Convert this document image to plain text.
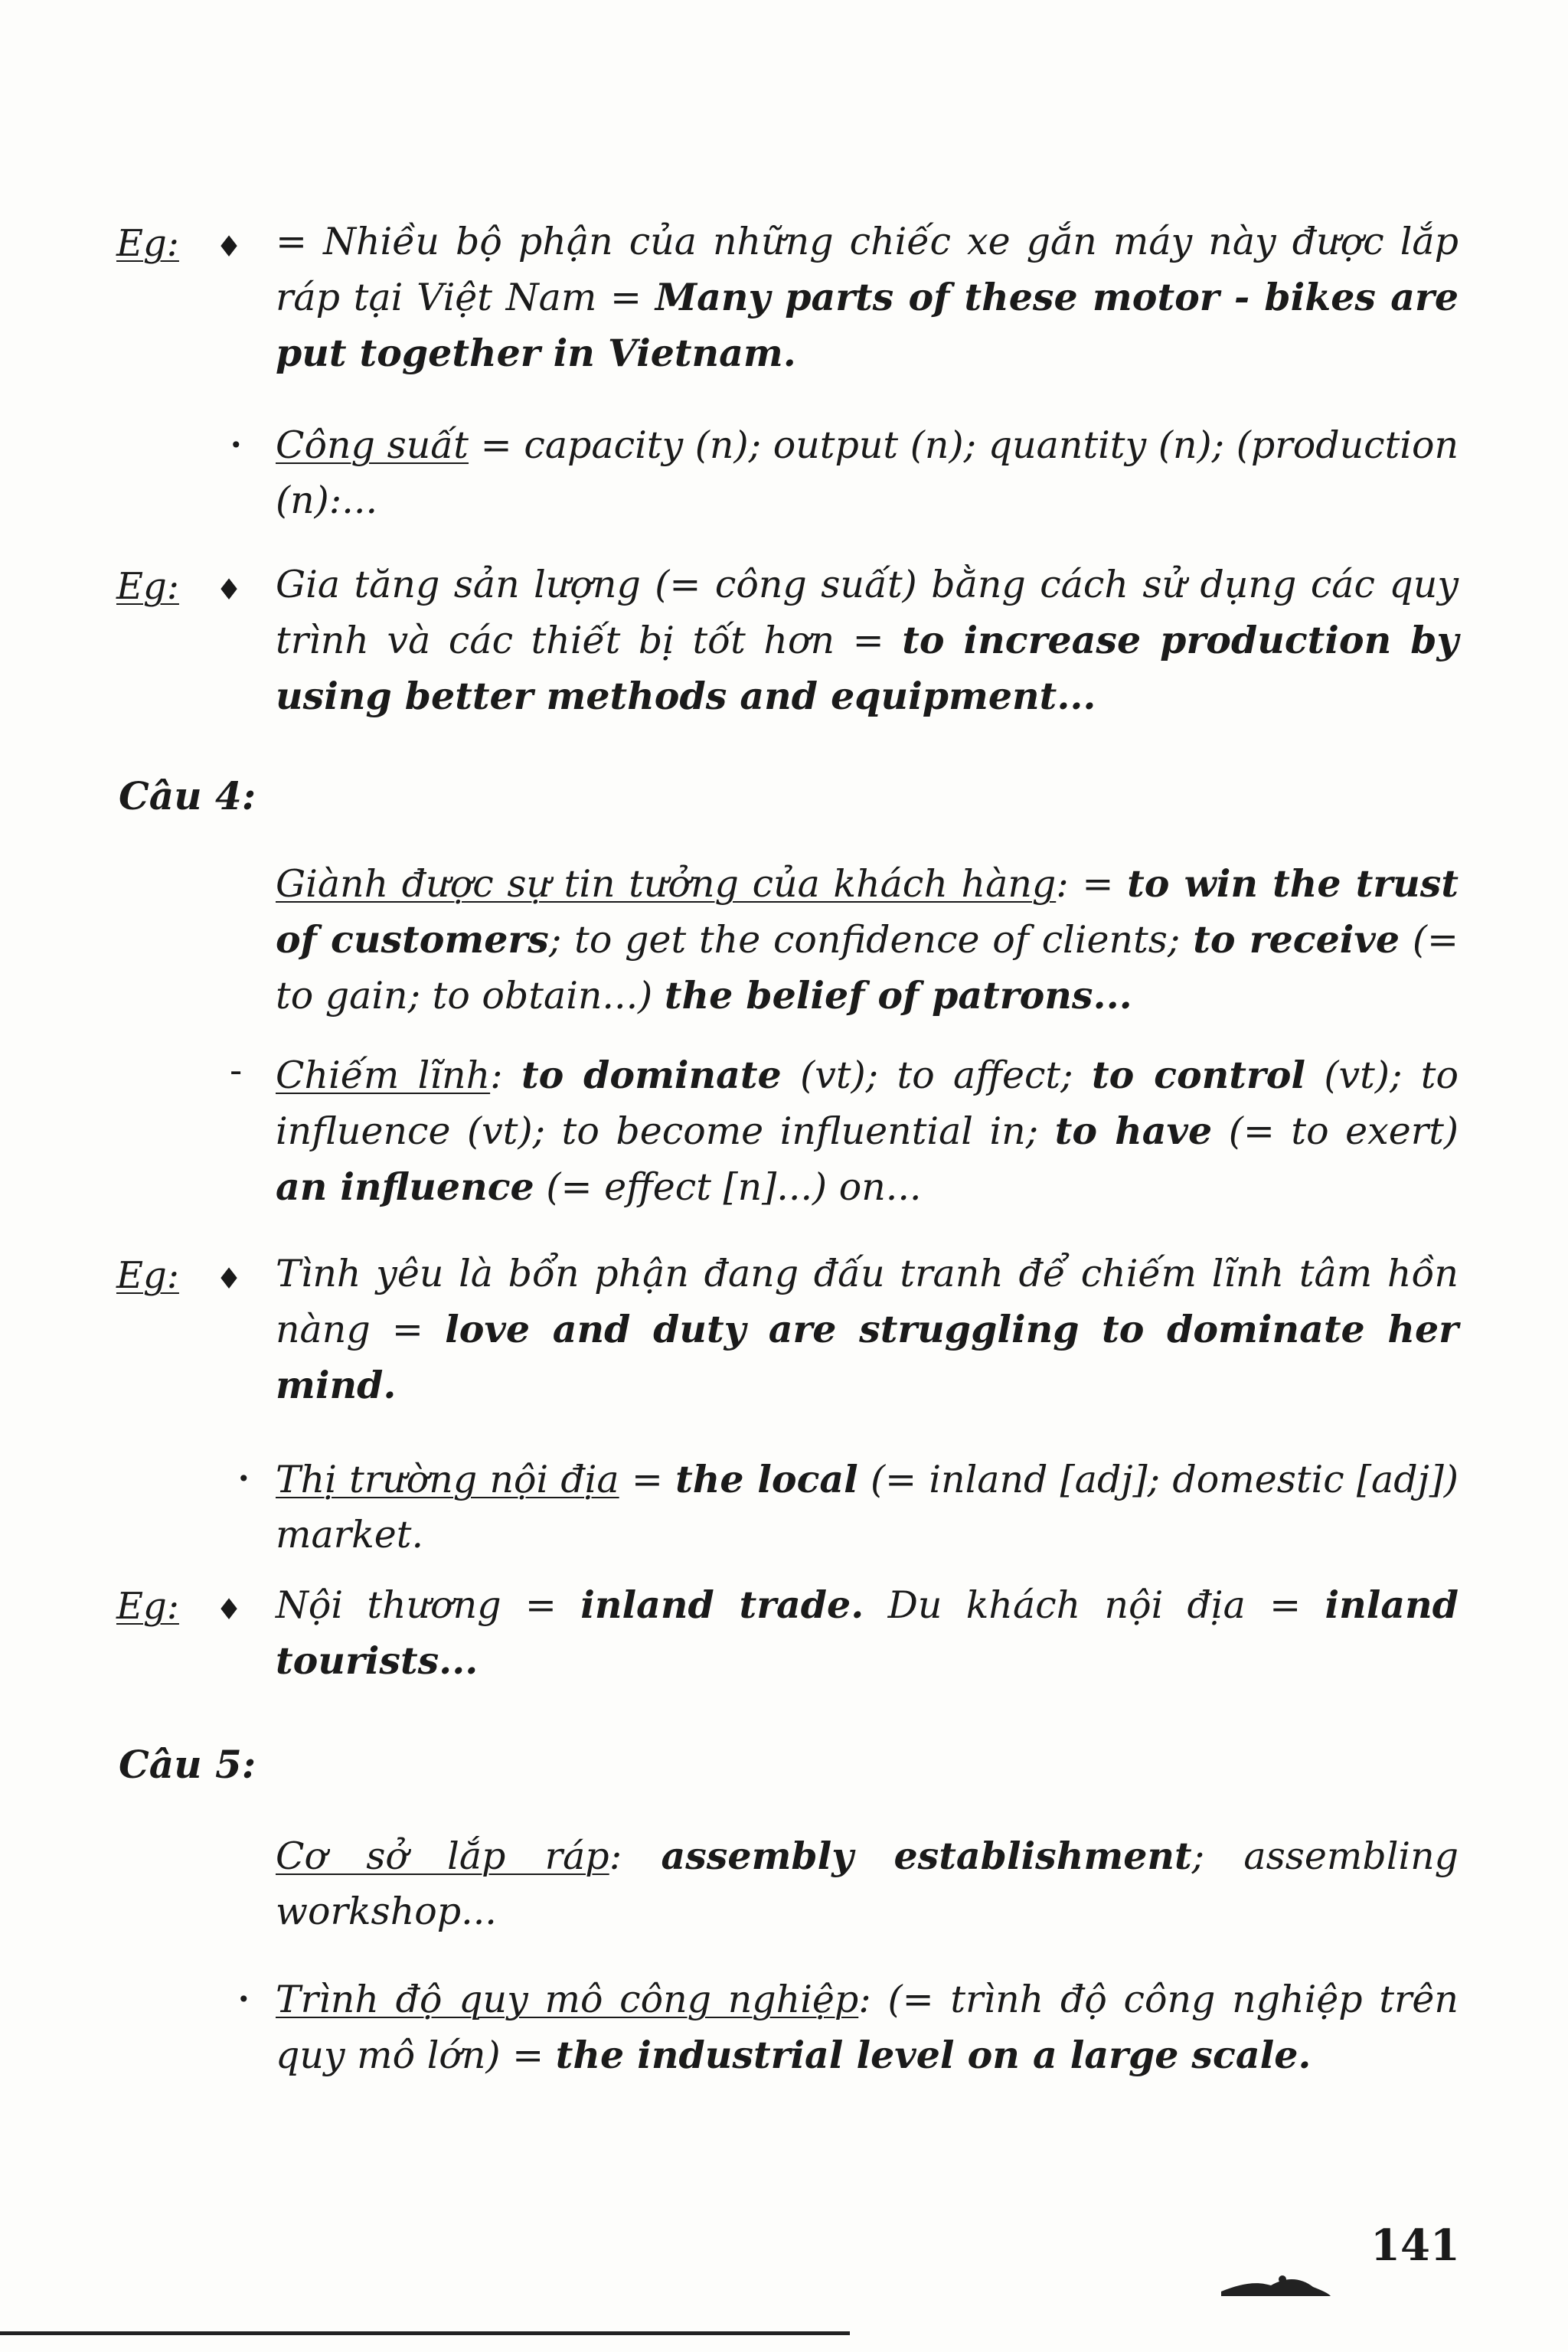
Eg: ♦ = Nhiều bộ phận của những chiếc xe gắn máy này được lắp ráp tại Việt Nam = Many parts of these motor - bikes are put together in Vietnam.

• Công suất = capacity (n); output (n); quantity (n); (production (n):...

Eg: ♦ Gia tăng sản lượng (= công suất) bằng cách sử dụng các quy trình và các thiết bị tốt hơn = to increase production by using better methods and equipment...

Câu 4:

Giành được sự tin tưởng của khách hàng: = to win the trust of customers; to get the confidence of clients; to receive (= to gain; to obtain...) the belief of patrons...

- Chiếm lĩnh: to dominate (vt); to affect; to control (vt); to influence (vt); to become influential in; to have (= to exert) an influence (= effect [n]...) on...

Eg: ♦ Tình yêu là bổn phận đang đấu tranh để chiếm lĩnh tâm hồn nàng = love and duty are struggling to dominate her mind.

• Thị trường nội địa = the local (= inland [adj]; domestic [adj]) market.

Eg: ♦ Nội thương = inland trade. Du khách nội địa = inland tourists...

Câu 5:

Cơ sở lắp ráp: assembly establishment; assembling workshop...

• Trình độ quy mô công nghiệp: (= trình độ công nghiệp trên quy mô lớn) = the industrial level on a large scale.

141
